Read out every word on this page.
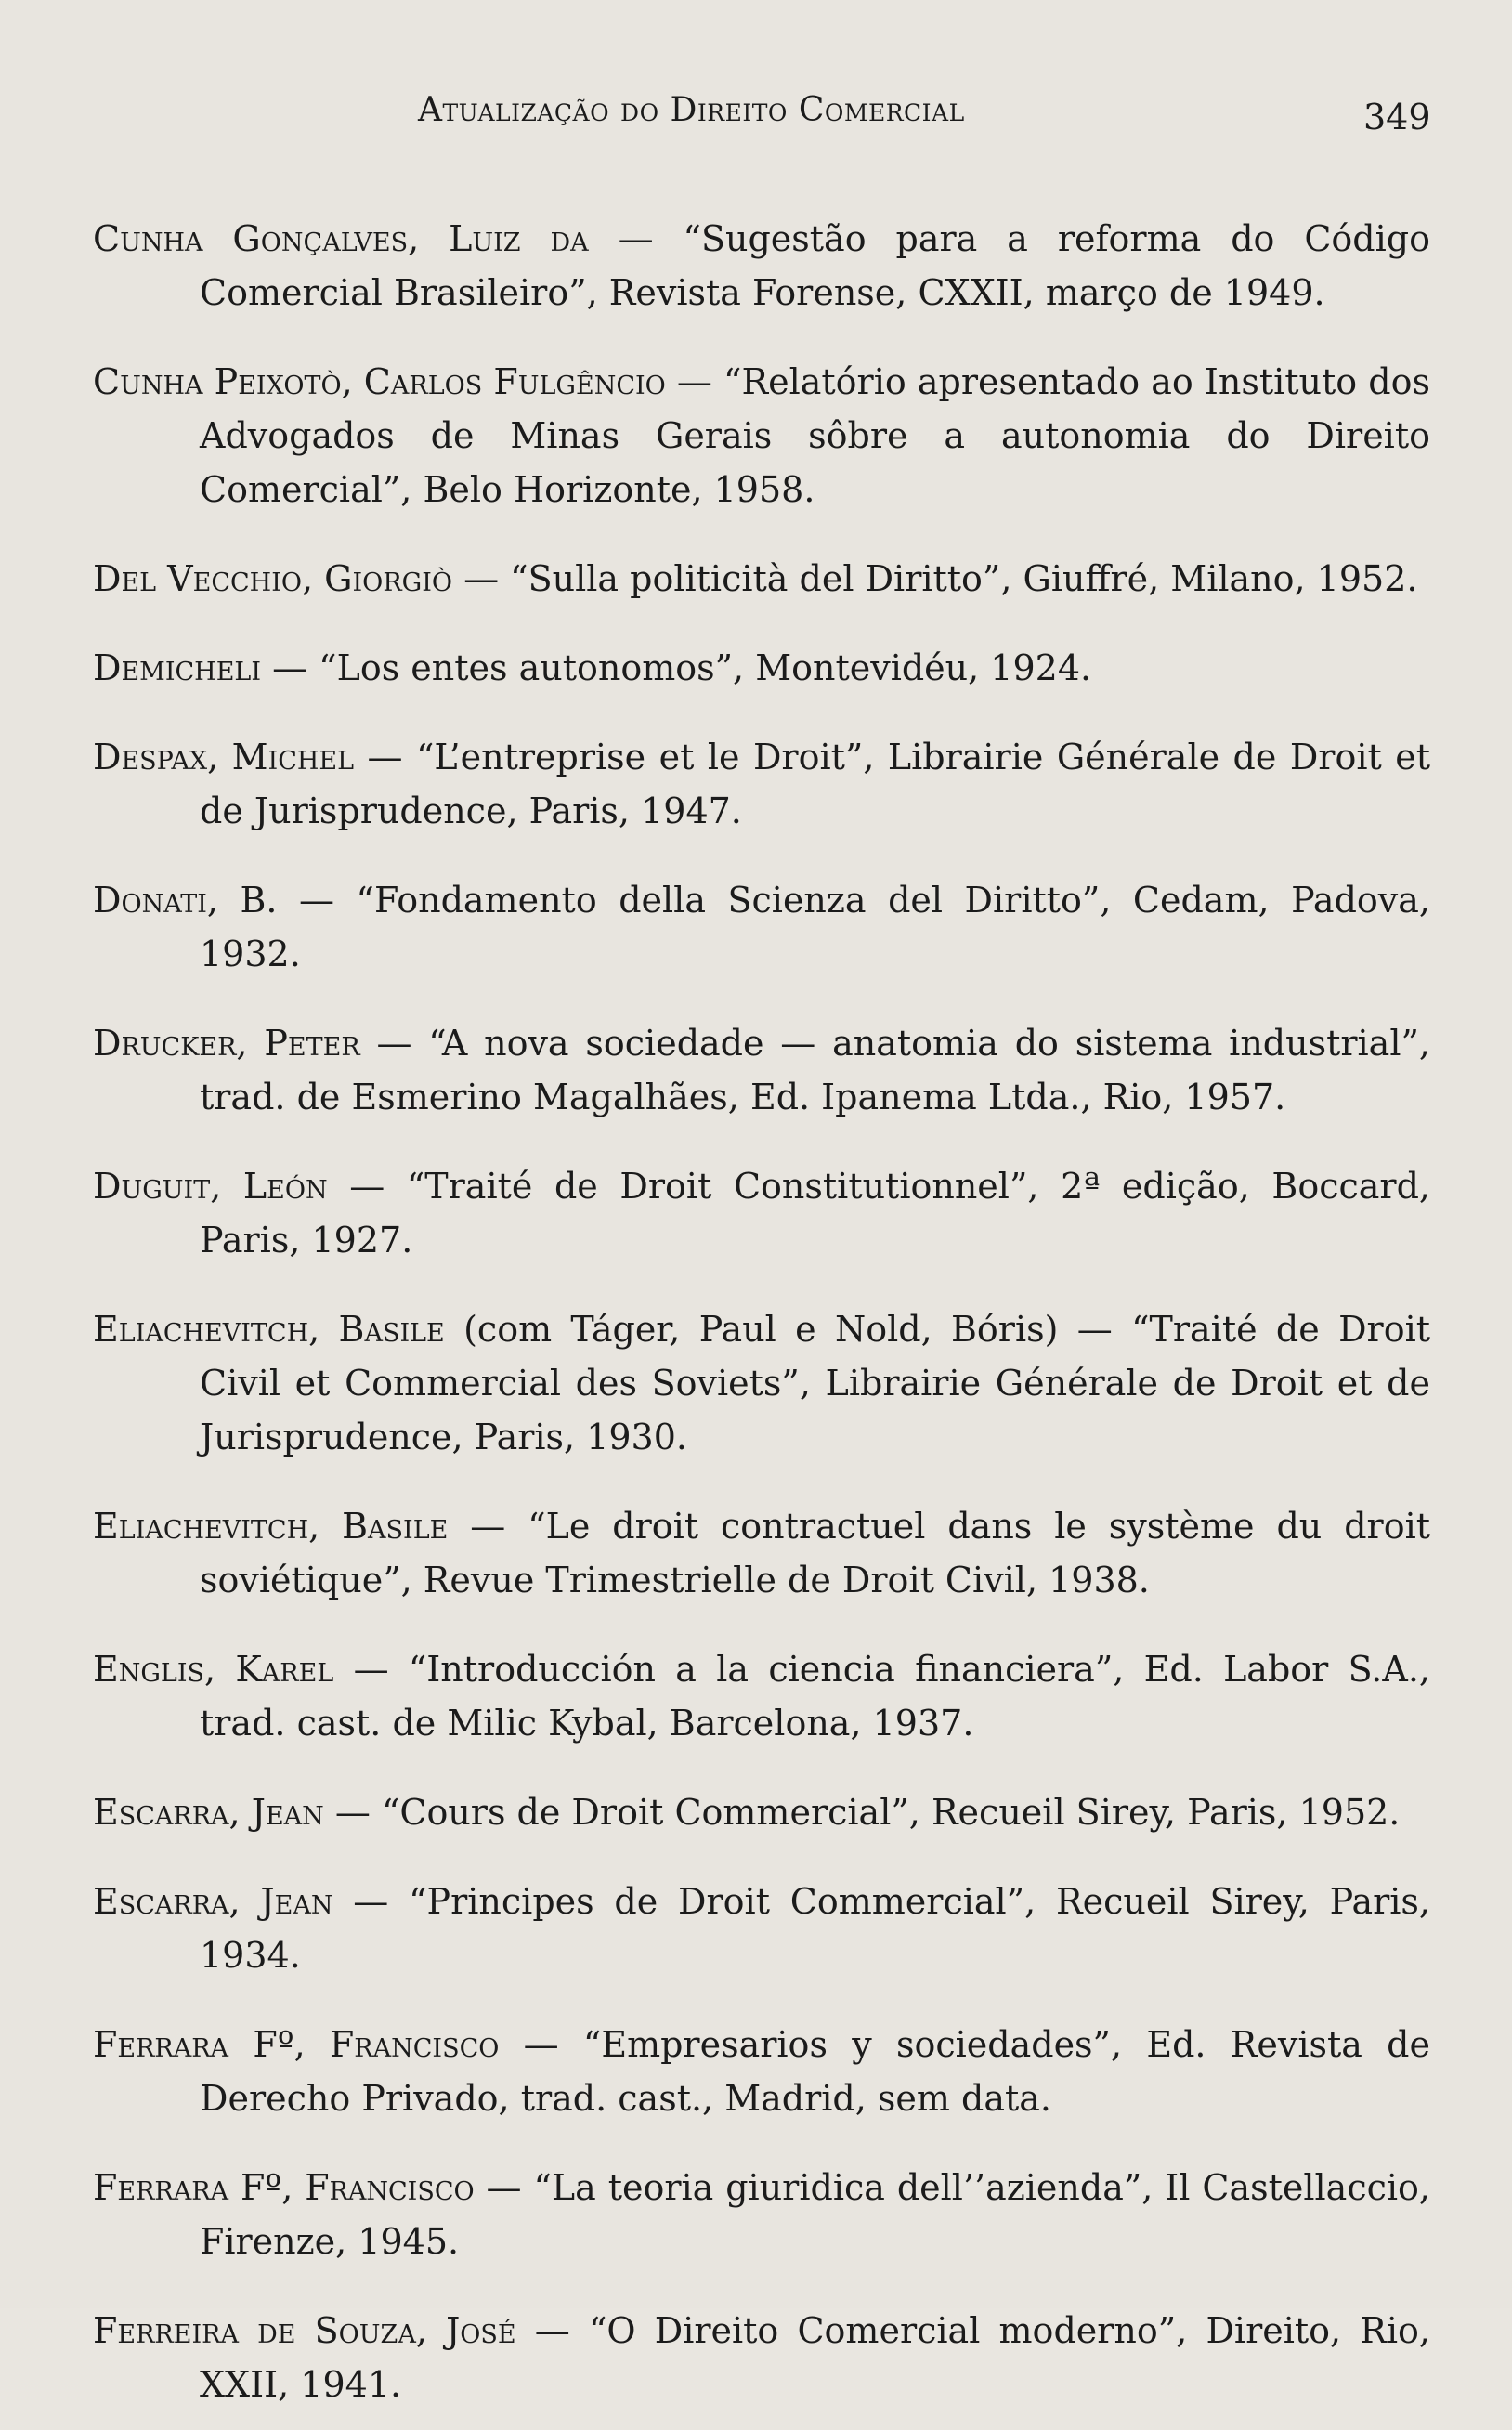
Atualização do Direito Comercial	349

Cunha Gonçalves, Luiz da — “Sugestão para a reforma do Código Comercial Brasileiro”, Revista Forense, CXXII, março de 1949.

Cunha Peixotò, Carlos Fulgêncio — “Relatório apresentado ao Instituto dos Advogados de Minas Gerais sôbre a autonomia do Direito Comercial”, Belo Horizonte, 1958.

Del Vecchio, Giorgiò — “Sulla politicità del Diritto”, Giuffré, Milano, 1952.

Demicheli — “Los entes autonomos”, Montevidéu, 1924.

Despax, Michel — “L’entreprise et le Droit”, Librairie Générale de Droit et de Jurisprudence, Paris, 1947.

Donati, B. — “Fondamento della Scienza del Diritto”, Cedam, Padova, 1932.

Drucker, Peter — “A nova sociedade — anatomia do sistema industrial”, trad. de Esmerino Magalhães, Ed. Ipanema Ltda., Rio, 1957.

Duguit, León — “Traité de Droit Constitutionnel”, 2ª edição, Boccard, Paris, 1927.

Eliachevitch, Basile (com Táger, Paul e Nold, Bóris) — “Traité de Droit Civil et Commercial des Soviets”, Librairie Générale de Droit et de Jurisprudence, Paris, 1930.

Eliachevitch, Basile — “Le droit contractuel dans le système du droit soviétique”, Revue Trimestrielle de Droit Civil, 1938.

Englis, Karel — “Introducción a la ciencia financiera”, Ed. Labor S.A., trad. cast. de Milic Kybal, Barcelona, 1937.

Escarra, Jean — “Cours de Droit Commercial”, Recueil Sirey, Paris, 1952.

Escarra, Jean — “Principes de Droit Commercial”, Recueil Sirey, Paris, 1934.

Ferrara Fº, Francisco — “Empresarios y sociedades”, Ed. Revista de Derecho Privado, trad. cast., Madrid, sem data.

Ferrara Fº, Francisco — “La teoria giuridica dell’’azienda”, Il Castellaccio, Firenze, 1945.

Ferreira de Souza, José — “O Direito Comercial moderno”, Direito, Rio, XXII, 1941.
